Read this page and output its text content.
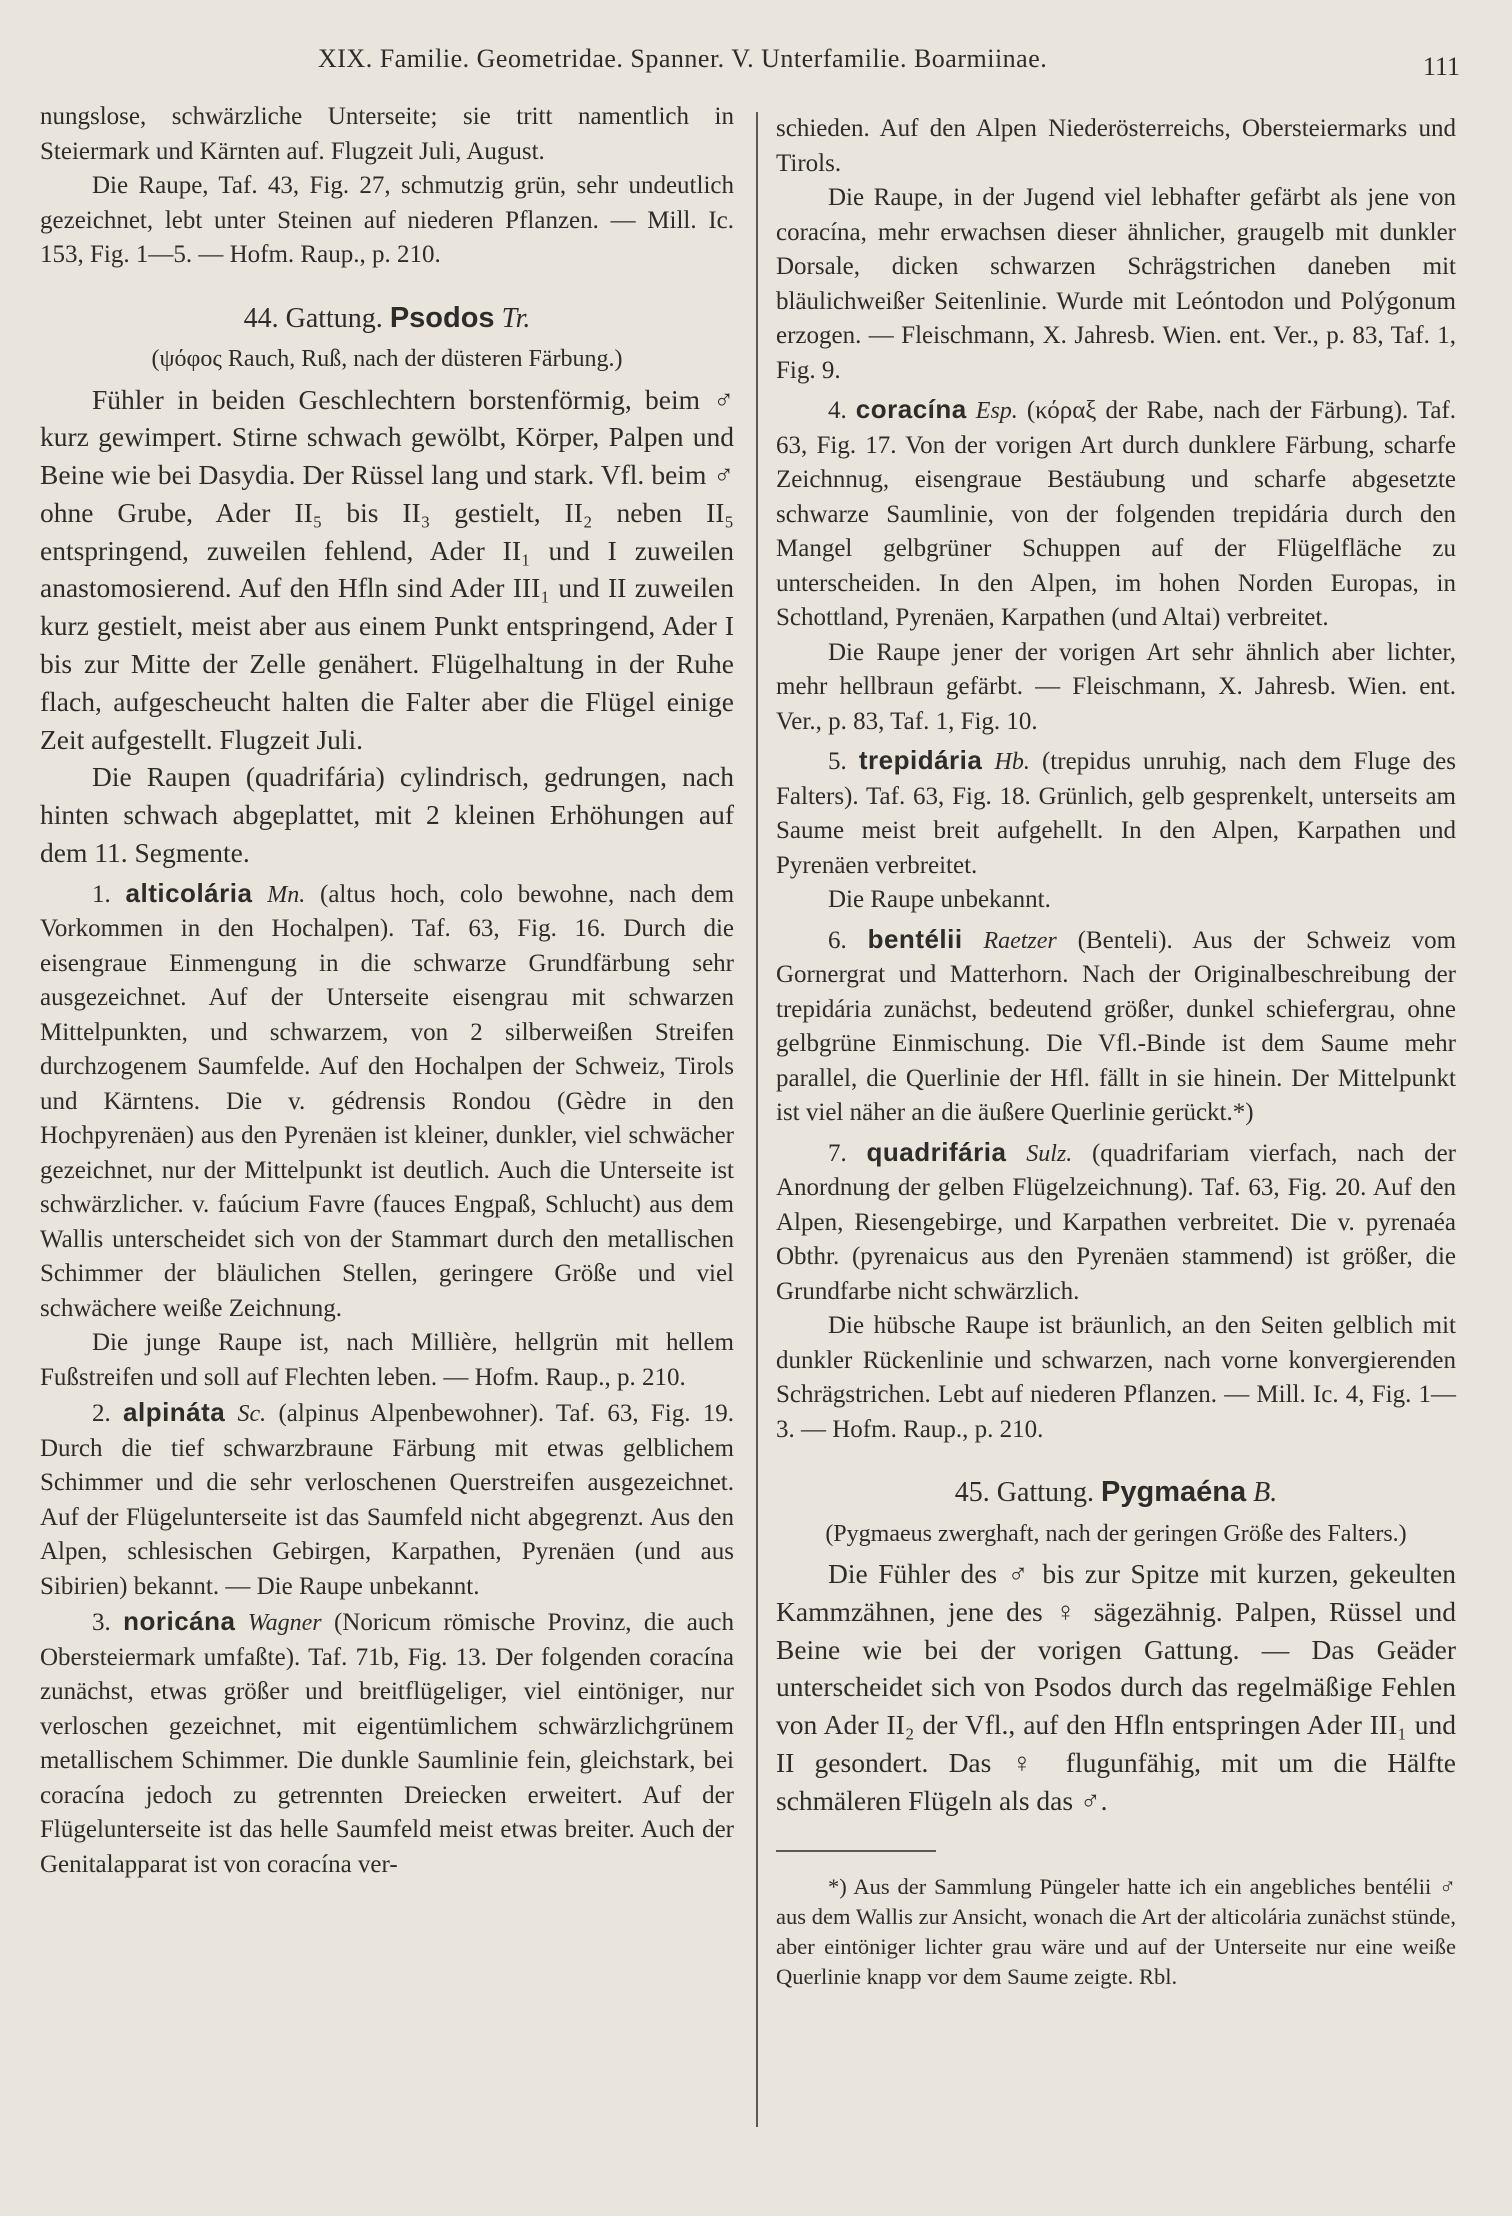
XIX. Familie. Geometridae. Spanner. V. Unterfamilie. Boarmiinae.	111

nungslose, schwärzliche Unterseite; sie tritt namentlich in Steiermark und Kärnten auf. Flugzeit Juli, August.

Die Raupe, Taf. 43, Fig. 27, schmutzig grün, sehr undeutlich gezeichnet, lebt unter Steinen auf niederen Pflanzen. — Mill. Ic. 153, Fig. 1—5. — Hofm. Raup., p. 210.

44. Gattung. Psodos Tr.

(ψόφος Rauch, Ruß, nach der düsteren Färbung.)

Fühler in beiden Geschlechtern borstenförmig, beim ♂ kurz gewimpert. Stirne schwach gewölbt, Körper, Palpen und Beine wie bei Dasydia. Der Rüssel lang und stark. Vfl. beim ♂ ohne Grube, Ader II₅ bis II₃ gestielt, II₂ neben II₅ entspringend, zuweilen fehlend, Ader II₁ und I zuweilen anastomosierend. Auf den Hfln sind Ader III₁ und II zuweilen kurz gestielt, meist aber aus einem Punkt entspringend, Ader I bis zur Mitte der Zelle genähert. Flügelhaltung in der Ruhe flach, aufgescheucht halten die Falter aber die Flügel einige Zeit aufgestellt. Flugzeit Juli.

Die Raupen (quadrifária) cylindrisch, gedrungen, nach hinten schwach abgeplattet, mit 2 kleinen Erhöhungen auf dem 11. Segmente.

1. alticolária Mn. (altus hoch, colo bewohne, nach dem Vorkommen in den Hochalpen). Taf. 63, Fig. 16. Durch die eisengraue Einmengung in die schwarze Grundfärbung sehr ausgezeichnet. Auf der Unterseite eisengrau mit schwarzen Mittelpunkten, und schwarzem, von 2 silberweißen Streifen durchzogenem Saumfelde. Auf den Hochalpen der Schweiz, Tirols und Kärntens. Die v. gédrensis Rondou (Gèdre in den Hochpyrenäen) aus den Pyrenäen ist kleiner, dunkler, viel schwächer gezeichnet, nur der Mittelpunkt ist deutlich. Auch die Unterseite ist schwärzlicher. v. faúcium Favre (fauces Engpaß, Schlucht) aus dem Wallis unterscheidet sich von der Stammart durch den metallischen Schimmer der bläulichen Stellen, geringere Größe und viel schwächere weiße Zeichnung.

Die junge Raupe ist, nach Millière, hellgrün mit hellem Fußstreifen und soll auf Flechten leben. — Hofm. Raup., p. 210.

2. alpináta Sc. (alpinus Alpenbewohner). Taf. 63, Fig. 19. Durch die tief schwarzbraune Färbung mit etwas gelblichem Schimmer und die sehr verloschenen Querstreifen ausgezeichnet. Auf der Flügelunterseite ist das Saumfeld nicht abgegrenzt. Aus den Alpen, schlesischen Gebirgen, Karpathen, Pyrenäen (und aus Sibirien) bekannt. — Die Raupe unbekannt.

3. noricána Wagner (Noricum römische Provinz, die auch Obersteiermark umfaßte). Taf. 71b, Fig. 13. Der folgenden coracína zunächst, etwas größer und breitflügeliger, viel eintöniger, nur verloschen gezeichnet, mit eigentümlichem schwärzlichgrünem metallischem Schimmer. Die dunkle Saumlinie fein, gleichstark, bei coracína jedoch zu getrennten Dreiecken erweitert. Auf der Flügelunterseite ist das helle Saumfeld meist etwas breiter. Auch der Genitalapparat ist von coracína ver-

schieden. Auf den Alpen Niederösterreichs, Obersteiermarks und Tirols.

Die Raupe, in der Jugend viel lebhafter gefärbt als jene von coracína, mehr erwachsen dieser ähnlicher, graugelb mit dunkler Dorsale, dicken schwarzen Schrägstrichen daneben mit bläulichweißer Seitenlinie. Wurde mit Leóntodon und Polýgonum erzogen. — Fleischmann, X. Jahresb. Wien. ent. Ver., p. 83, Taf. 1, Fig. 9.

4. coracína Esp. (κόραξ der Rabe, nach der Färbung). Taf. 63, Fig. 17. Von der vorigen Art durch dunklere Färbung, scharfe Zeichnnug, eisengraue Bestäubung und scharfe abgesetzte schwarze Saumlinie, von der folgenden trepidária durch den Mangel gelbgrüner Schuppen auf der Flügelfläche zu unterscheiden. In den Alpen, im hohen Norden Europas, in Schottland, Pyrenäen, Karpathen (und Altai) verbreitet.

Die Raupe jener der vorigen Art sehr ähnlich aber lichter, mehr hellbraun gefärbt. — Fleischmann, X. Jahresb. Wien. ent. Ver., p. 83, Taf. 1, Fig. 10.

5. trepidária Hb. (trepidus unruhig, nach dem Fluge des Falters). Taf. 63, Fig. 18. Grünlich, gelb gesprenkelt, unterseits am Saume meist breit aufgehellt. In den Alpen, Karpathen und Pyrenäen verbreitet.

Die Raupe unbekannt.

6. bentélii Raetzer (Benteli). Aus der Schweiz vom Gornergrat und Matterhorn. Nach der Originalbeschreibung der trepidária zunächst, bedeutend größer, dunkel schiefergrau, ohne gelbgrüne Einmischung. Die Vfl.-Binde ist dem Saume mehr parallel, die Querlinie der Hfl. fällt in sie hinein. Der Mittelpunkt ist viel näher an die äußere Querlinie gerückt.*)

7. quadrifária Sulz. (quadrifariam vierfach, nach der Anordnung der gelben Flügelzeichnung). Taf. 63, Fig. 20. Auf den Alpen, Riesengebirge, und Karpathen verbreitet. Die v. pyrenaéa Obthr. (pyrenaicus aus den Pyrenäen stammend) ist größer, die Grundfarbe nicht schwärzlich.

Die hübsche Raupe ist bräunlich, an den Seiten gelblich mit dunkler Rückenlinie und schwarzen, nach vorne konvergierenden Schrägstrichen. Lebt auf niederen Pflanzen. — Mill. Ic. 4, Fig. 1—3. — Hofm. Raup., p. 210.

45. Gattung. Pygmaéna B.

(Pygmaeus zwerghaft, nach der geringen Größe des Falters.)

Die Fühler des ♂ bis zur Spitze mit kurzen, gekeulten Kammzähnen, jene des ♀ sägezähnig. Palpen, Rüssel und Beine wie bei der vorigen Gattung. — Das Geäder unterscheidet sich von Psodos durch das regelmäßige Fehlen von Ader II₂ der Vfl., auf den Hfln entspringen Ader III₁ und II gesondert. Das ♀ flugunfähig, mit um die Hälfte schmäleren Flügeln als das ♂.

*) Aus der Sammlung Püngeler hatte ich ein angebliches bentélii ♂ aus dem Wallis zur Ansicht, wonach die Art der alticolária zunächst stünde, aber eintöniger lichter grau wäre und auf der Unterseite nur eine weiße Querlinie knapp vor dem Saume zeigte. Rbl.
